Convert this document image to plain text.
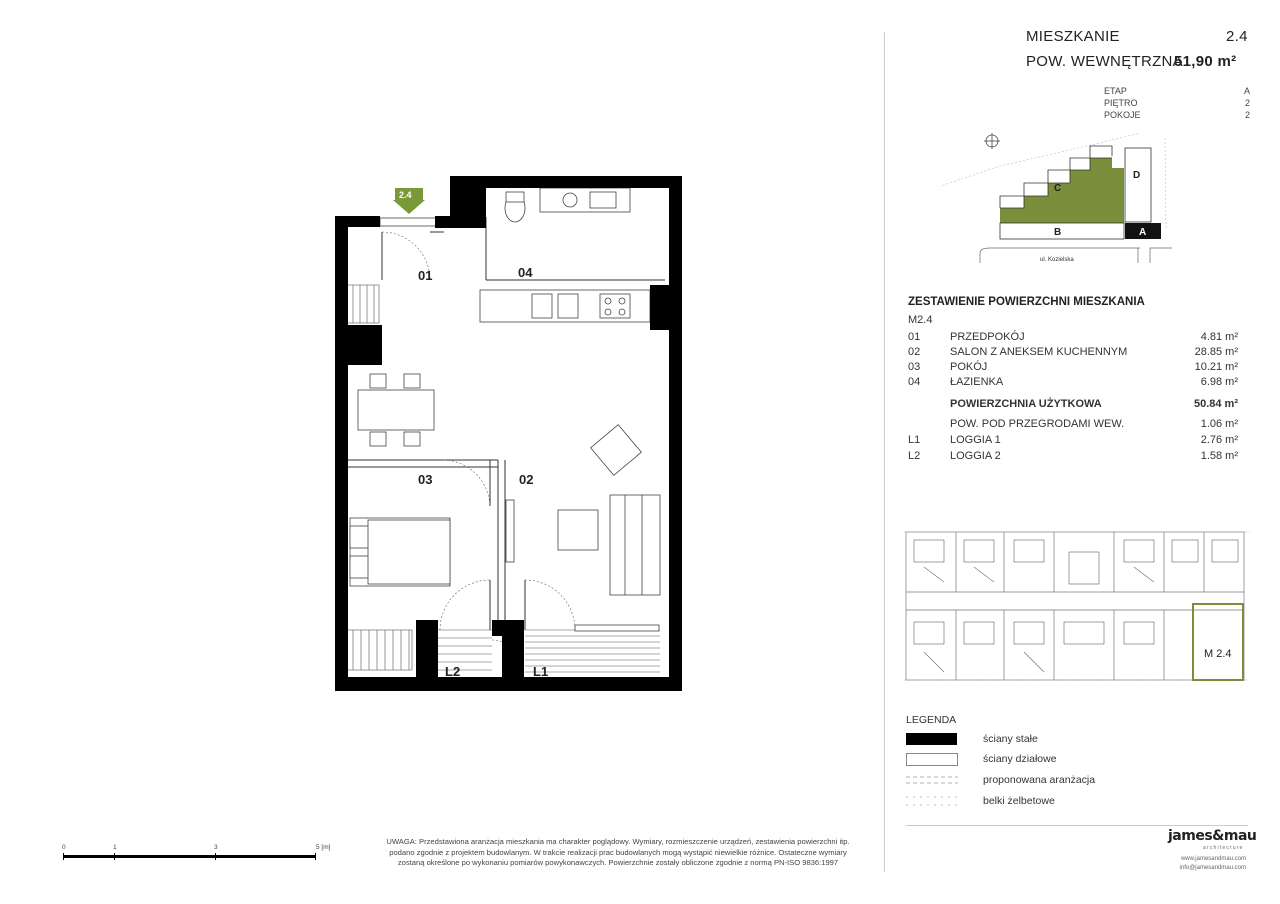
MIESZKANIE	2.4
POW. WEWNĘTRZNA
51,90 m²
ETAP	A
PIĘTRO	2
POKOJE	2
C
D
B	A
ul. Kozielska
ZESTAWIENIE POWIERZCHNI MIESZKANIA
M2.4
01	PRZEDPOKÓJ	4.81 m²
02	SALON Z ANEKSEM KUCHENNYM	28.85 m²
03	POKÓJ	10.21 m²
04	ŁAZIENKA	6.98 m²
POWIERZCHNIA UŻYTKOWA	50.84 m²
POW. POD PRZEGRODAMI WEW.	1.06 m²
L1	LOGGIA 1	2.76 m²
L2	LOGGIA 2	1.58 m²
M 2.4
LEGENDA
ściany stałe
ściany działowe
proponowana aranżacja
belki żelbetowe
james&mau
architecture
www.jamesandmau.com
info@jamesandmau.com
0	1	3	5 [m]
UWAGA: Przedstawiona aranżacja mieszkania ma charakter poglądowy. Wymiary, rozmieszczenie urządzeń, zestawienia powierzchni itp.
podano zgodnie z projektem budowlanym. W trakcie realizacji prac budowlanych mogą wystąpić niewielkie różnice. Ostateczne wymiary
zostaną określone po wykonaniu pomiarów powykonawczych. Powierzchnie zostały obliczone zgodnie z normą PN-ISO 9836:1997
2.4
01	04
03	02
L2	L1
